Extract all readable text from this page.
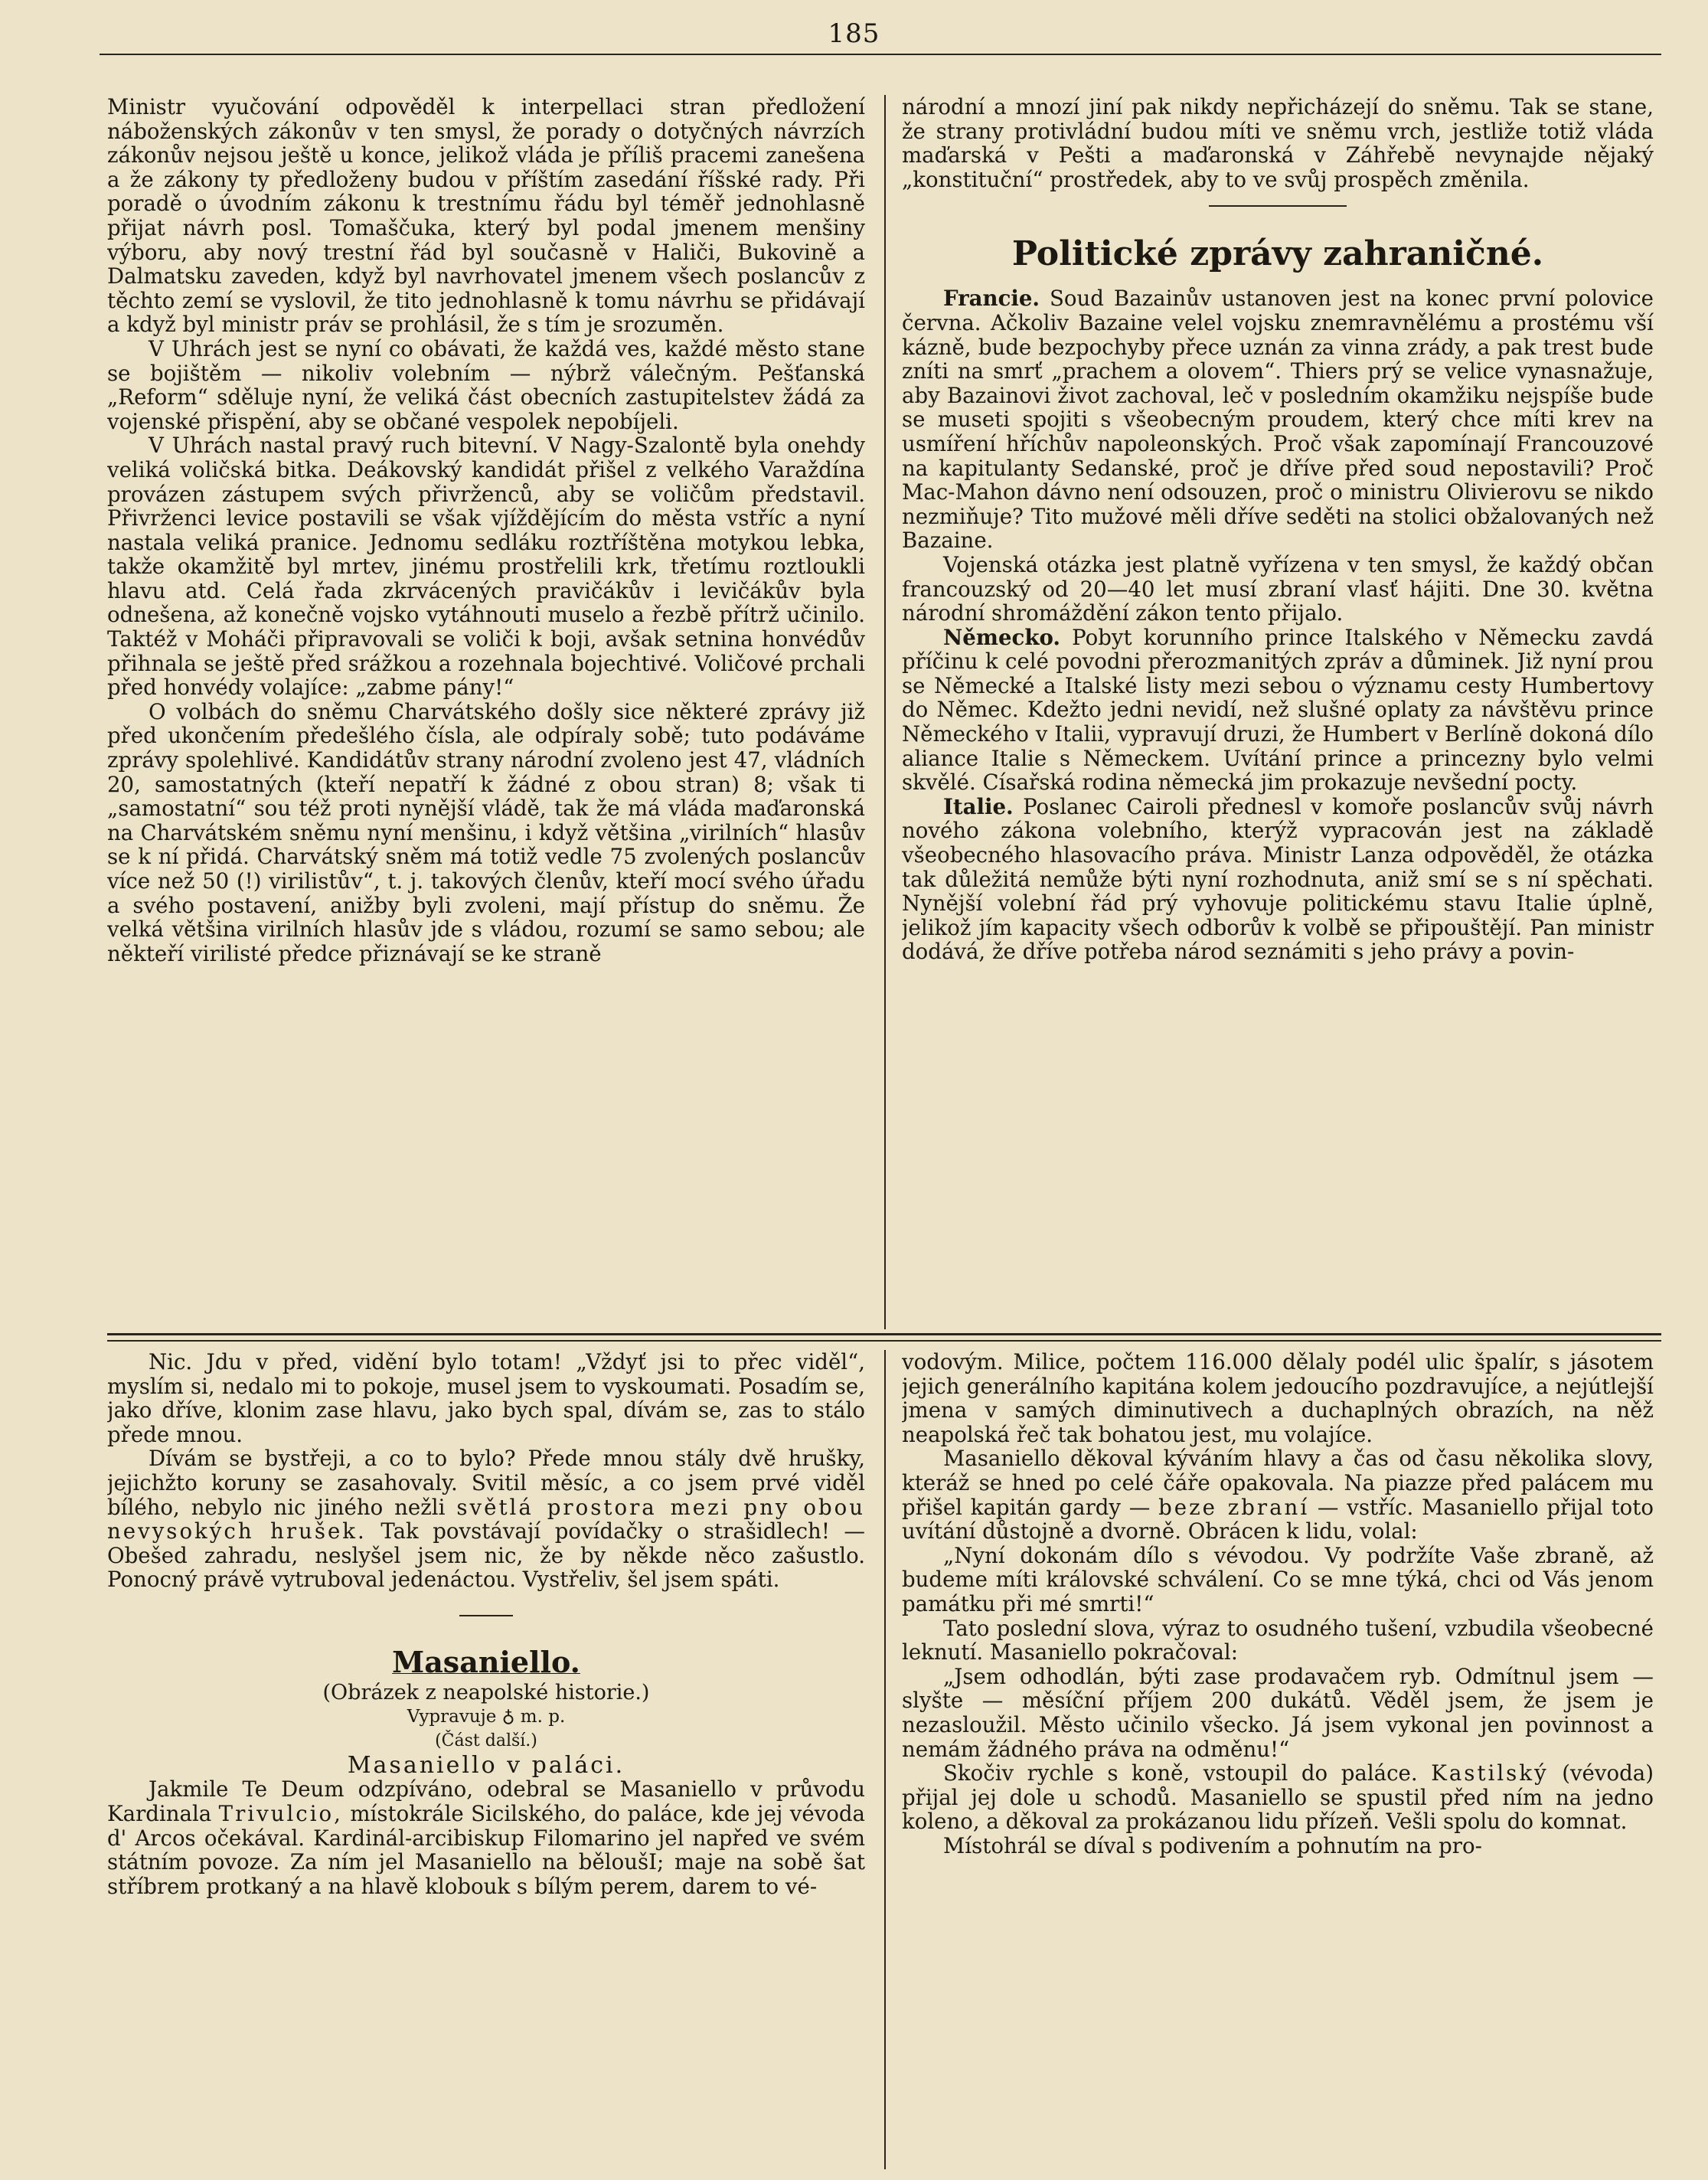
185

Ministr vyučování odpověděl k interpellaci stran předložení náboženských zákonův v ten smysl, že porady o dotyčných návrzích zákonův nejsou ještě u konce, jelikož vláda je příliš pracemi zanešena a že zákony ty předloženy budou v příštím zasedání říšské rady. Při poradě o úvodním zákonu k trestnímu řádu byl téměř jednohlasně přijat návrh posl. Tomaščuka, který byl podal jmenem menšiny výboru, aby nový trestní řád byl současně v Haliči, Bukovině a Dalmatsku zaveden, když byl navrhovatel jmenem všech poslancův z těchto zemí se vyslovil, že tito jednohlasně k tomu návrhu se přidávají a když byl ministr práv se prohlásil, že s tím je srozuměn.

V Uhrách jest se nyní co obávati, že každá ves, každé město stane se bojištěm — nikoliv volebním — nýbrž válečným. Pešťanská „Reform“ sděluje nyní, že veliká část obecních zastupitelstev žádá za vojenské přispění, aby se občané vespolek nepobíjeli.

V Uhrách nastal pravý ruch bitevní. V Nagy-Szalontě byla onehdy veliká voličská bitka. Deákovský kandidát přišel z velkého Varaždína provázen zástupem svých přivrženců, aby se voličům představil. Přivrženci levice postavili se však vjíždějícím do města vstříc a nyní nastala veliká pranice. Jednomu sedláku roztříštěna motykou lebka, takže okamžitě byl mrtev, jinému prostřelili krk, třetímu roztloukli hlavu atd. Celá řada zkrvácených pravičákův i levičákův byla odnešena, až konečně vojsko vytáhnouti muselo a řezbě přítrž učinilo. Taktéž v Moháči připravovali se voliči k boji, avšak setnina honvédův přihnala se ještě před srážkou a rozehnala bojechtivé. Voličové prchali před honvédy volajíce: „zabme pány!“

O volbách do sněmu Charvátského došly sice některé zprávy již před ukončením předešlého čísla, ale odpíraly sobě; tuto podáváme zprávy spolehlivé. Kandidátův strany národní zvoleno jest 47, vládních 20, samostatných (kteří nepatří k žádné z obou stran) 8; však ti „samostatní“ sou též proti nynější vládě, tak že má vláda maďaronská na Charvátském sněmu nyní menšinu, i když většina „virilních“ hlasův se k ní přidá. Charvátský sněm má totiž vedle 75 zvolených poslancův více než 50 (!) virilistův“, t. j. takových členův, kteří mocí svého úřadu a svého postavení, anižby byli zvoleni, mají přístup do sněmu. Že velká většina virilních hlasův jde s vládou, rozumí se samo sebou; ale někteří virilisté předce přiznávají se ke straně

národní a mnozí jiní pak nikdy nepřicházejí do sněmu. Tak se stane, že strany protivládní budou míti ve sněmu vrch, jestliže totiž vláda maďarská v Pešti a maďaronská v Záhřebě nevynajde nějaký „konstituční“ prostředek, aby to ve svůj prospěch změnila.

Politické zprávy zahraničné.

Francie. Soud Bazainův ustanoven jest na konec první polovice června. Ačkoliv Bazaine velel vojsku znemravnělému a prostému vší kázně, bude bezpochyby přece uznán za vinna zrády, a pak trest bude zníti na smrť „prachem a olovem“. Thiers prý se velice vynasnažuje, aby Bazainovi život zachoval, leč v posledním okamžiku nejspíše bude se museti spojiti s všeobecným proudem, který chce míti krev na usmíření hříchův napoleonských. Proč však zapomínají Francouzové na kapitulanty Sedanské, proč je dříve před soud nepostavili? Proč Mac-Mahon dávno není odsouzen, proč o ministru Olivierovu se nikdo nezmiňuje? Tito mužové měli dříve seděti na stolici obžalovaných než Bazaine.

Vojenská otázka jest platně vyřízena v ten smysl, že každý občan francouzský od 20—40 let musí zbraní vlasť hájiti. Dne 30. května národní shromáždění zákon tento přijalo.

Německo. Pobyt korunního prince Italského v Německu zavdá příčinu k celé povodni přerozmanitých zpráv a důminek. Již nyní prou se Německé a Italské listy mezi sebou o významu cesty Humbertovy do Němec. Kdežto jedni nevidí, než slušné oplaty za návštěvu prince Německého v Italii, vypravují druzi, že Humbert v Berlíně dokoná dílo aliance Italie s Německem. Uvítání prince a princezny bylo velmi skvělé. Císařská rodina německá jim prokazuje nevšední pocty.

Italie. Poslanec Cairoli přednesl v komoře poslancův svůj návrh nového zákona volebního, kterýž vypracován jest na základě všeobecného hlasovacího práva. Ministr Lanza odpověděl, že otázka tak důležitá nemůže býti nyní rozhodnuta, aniž smí se s ní spěchati. Nynější volební řád prý vyhovuje politickému stavu Italie úplně, jelikož jím kapacity všech odborův k volbě se připouštějí. Pan ministr dodává, že dříve potřeba národ seznámiti s jeho právy a povin-

Nic. Jdu v před, vidění bylo totam! „Vždyť jsi to přec viděl“, myslím si, nedalo mi to pokoje, musel jsem to vyskoumati. Posadím se, jako dříve, klonim zase hlavu, jako bych spal, dívám se, zas to stálo přede mnou.

Dívám se bystřeji, a co to bylo? Přede mnou stály dvě hrušky, jejichžto koruny se zasahovaly. Svitil měsíc, a co jsem prvé viděl bílého, nebylo nic jiného nežli světlá prostora mezi pny obou nevysokých hrušek. Tak povstávají povídačky o strašidlech! — Obešed zahradu, neslyšel jsem nic, že by někde něco zašustlo. Ponocný právě vytruboval jedenáctou. Vystřeliv, šel jsem spáti.

Masaniello.

(Obrázek z neapolské historie.)

Vypravuje ♁ m. p.

(Část další.)

Masaniello v paláci.

Jakmile Te Deum odzpíváno, odebral se Masaniello v průvodu Kardinala Trivulcio, místokrále Sicilského, do paláce, kde jej vévoda d' Arcos očekával. Kardinál-arcibiskup Filomarino jel napřed ve svém státním povoze. Za ním jel Masaniello na běloušI; maje na sobě šat stříbrem protkaný a na hlavě klobouk s bílým perem, darem to vé-

vodovým. Milice, počtem 116.000 dělaly podél ulic špalír, s jásotem jejich generálního kapitána kolem jedoucího pozdravujíce, a nejútlejší jmena v samých diminutivech a duchaplných obrazích, na něž neapolská řeč tak bohatou jest, mu volajíce.

Masaniello děkoval kýváním hlavy a čas od času několika slovy, kteráž se hned po celé čáře opakovala. Na piazze před palácem mu přišel kapitán gardy — beze zbraní — vstříc. Masaniello přijal toto uvítání důstojně a dvorně. Obrácen k lidu, volal:

„Nyní dokonám dílo s vévodou. Vy podržíte Vaše zbraně, až budeme míti královské schválení. Co se mne týká, chci od Vás jenom památku při mé smrti!“

Tato poslední slova, výraz to osudného tušení, vzbudila všeobecné leknutí. Masaniello pokračoval:

„Jsem odhodlán, býti zase prodavačem ryb. Odmítnul jsem — slyšte — měsíční příjem 200 dukátů. Věděl jsem, že jsem je nezasloužil. Město učinilo všecko. Já jsem vykonal jen povinnost a nemám žádného práva na odměnu!“

Skočiv rychle s koně, vstoupil do paláce. Kastilský (vévoda) přijal jej dole u schodů. Masaniello se spustil před ním na jedno koleno, a děkoval za prokázanou lidu přízeň. Vešli spolu do komnat.

Místohrál se díval s podivením a pohnutím na pro-
